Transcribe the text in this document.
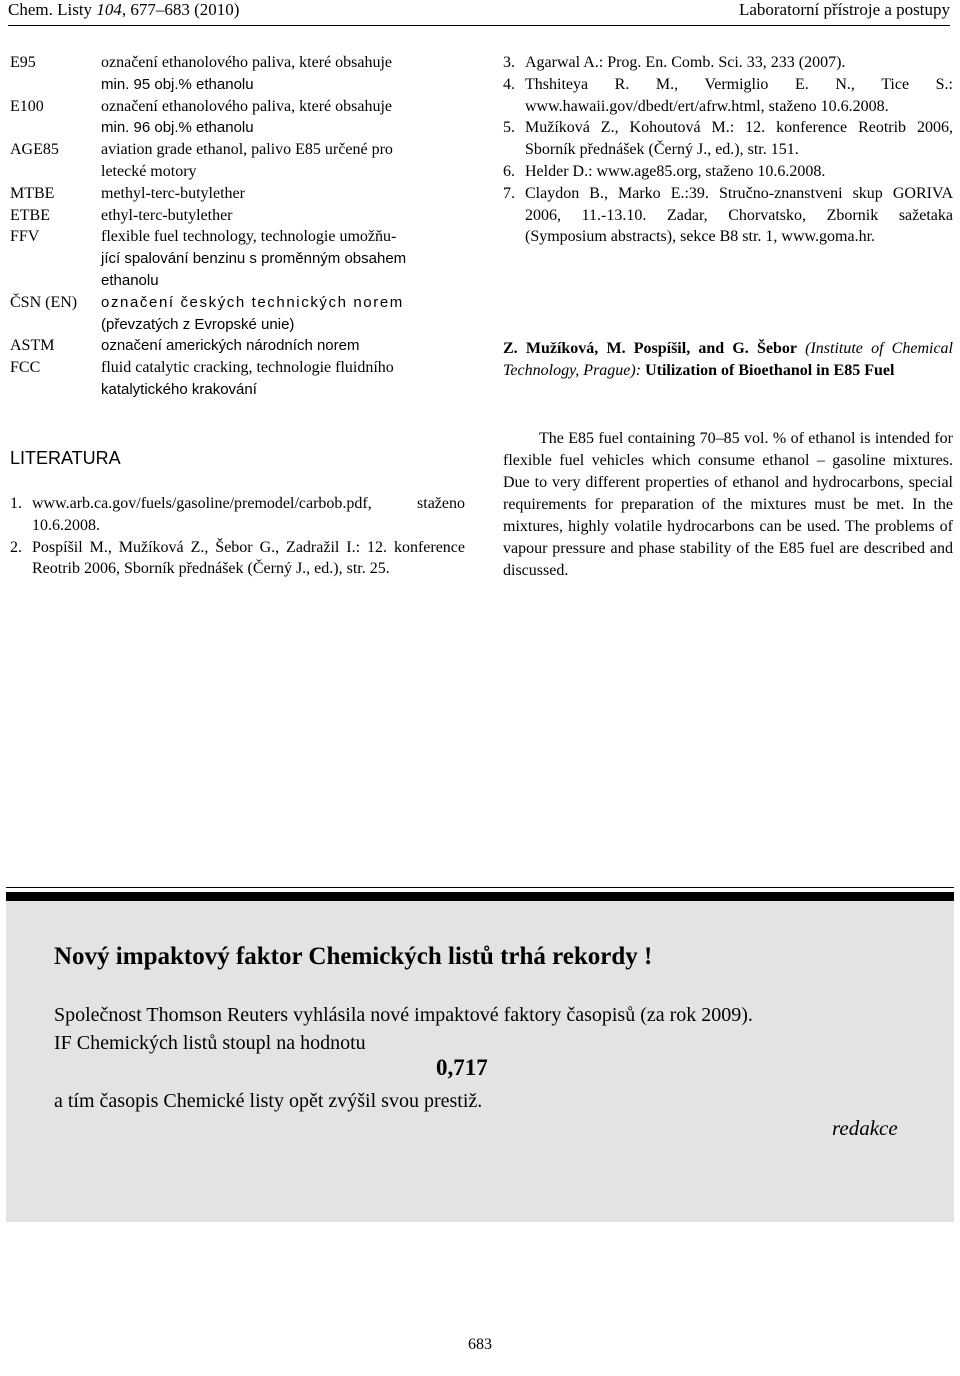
Chem. Listy 104, 677–683 (2010)	Laboratorní přístroje a postupy
E95	označení ethanolového paliva, které obsahuje
min. 95 obj.% ethanolu
E100	označení ethanolového paliva, které obsahuje
min. 96 obj.% ethanolu
AGE85	aviation grade ethanol, palivo E85 určené pro
letecké motory
MTBE	methyl-terc-butylether
ETBE	ethyl-terc-butylether
FFV	flexible fuel technology, technologie umožňu-
jící spalování benzinu s proměnným obsahem
ethanolu
ČSN (EN)	označení českých technických norem
(převzatých z Evropské unie)
ASTM	označení amerických národních norem
FCC	fluid catalytic cracking, technologie fluidního
katalytického krakování
LITERATURA
1. www.arb.ca.gov/fuels/gasoline/premodel/carbob.pdf, staženo 10.6.2008.
2. Pospíšil M., Mužíková Z., Šebor G., Zadražil I.: 12. konference Reotrib 2006, Sborník přednášek (Černý J., ed.), str. 25.
3. Agarwal A.: Prog. En. Comb. Sci. 33, 233 (2007).
4. Thshiteya R. M., Vermiglio E. N., Tice S.: www.hawaii.gov/dbedt/ert/afrw.html, staženo 10.6.2008.
5. Mužíková Z., Kohoutová M.: 12. konference Reotrib 2006, Sborník přednášek (Černý J., ed.), str. 151.
6. Helder D.: www.age85.org, staženo 10.6.2008.
7. Claydon B., Marko E.:39. Stručno-znanstveni skup GORIVA 2006, 11.-13.10. Zadar, Chorvatsko, Zbornik sažetaka (Symposium abstracts), sekce B8 str. 1, www.goma.hr.
Z. Mužíková, M. Pospíšil, and G. Šebor (Institute of Chemical Technology, Prague): Utilization of Bioethanol in E85 Fuel
The E85 fuel containing 70–85 vol. % of ethanol is intended for flexible fuel vehicles which consume ethanol – gasoline mixtures. Due to very different properties of ethanol and hydrocarbons, special requirements for preparation of the mixtures must be met. In the mixtures, highly volatile hydrocarbons can be used. The problems of vapour pressure and phase stability of the E85 fuel are described and discussed.
Nový impaktový faktor Chemických listů trhá rekordy !
Společnost Thomson Reuters vyhlásila nové impaktové faktory časopisů (za rok 2009).
IF Chemických listů stoupl na hodnotu
0,717
a tím časopis Chemické listy opět zvýšil svou prestiž.
redakce
683
